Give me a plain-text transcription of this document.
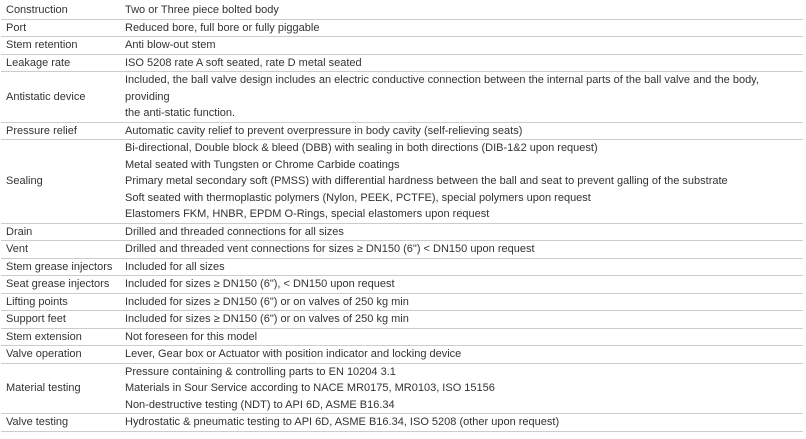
Construction	Two or Three piece bolted body

Port	Reduced bore, full bore or fully piggable

Stem retention	Anti blow-out stem

Leakage rate	ISO 5208 rate A soft seated, rate D metal seated

Antistatic device	Included, the ball valve design includes an electric conductive connection between the internal parts of the ball valve and the body, providing
the anti-static function.

Pressure relief	Automatic cavity relief to prevent overpressure in body cavity (self-relieving seats)

Sealing	Bi-directional, Double block & bleed (DBB) with sealing in both directions (DIB-1&2 upon request)
Metal seated with Tungsten or Chrome Carbide coatings
Primary metal secondary soft (PMSS) with differential hardness between the ball and seat to prevent galling of the substrate
Soft seated with thermoplastic polymers (Nylon, PEEK, PCTFE), special polymers upon request
Elastomers FKM, HNBR, EPDM O-Rings, special elastomers upon request

Drain	Drilled and threaded connections for all sizes

Vent	Drilled and threaded vent connections for sizes ≥ DN150 (6") < DN150 upon request

Stem grease injectors	Included for all sizes

Seat grease injectors	Included for sizes ≥ DN150 (6"), < DN150 upon request

Lifting points	Included for sizes ≥ DN150 (6") or on valves of 250 kg min

Support feet	Included for sizes ≥ DN150 (6") or on valves of 250 kg min

Stem extension	Not foreseen for this model

Valve operation	Lever, Gear box or Actuator with position indicator and locking device

Material testing	Pressure containing & controlling parts to EN 10204 3.1
Materials in Sour Service according to NACE MR0175, MR0103, ISO 15156
Non-destructive testing (NDT) to API 6D, ASME B16.34

Valve testing	Hydrostatic & pneumatic testing to API 6D, ASME B16.34, ISO 5208 (other upon request)
